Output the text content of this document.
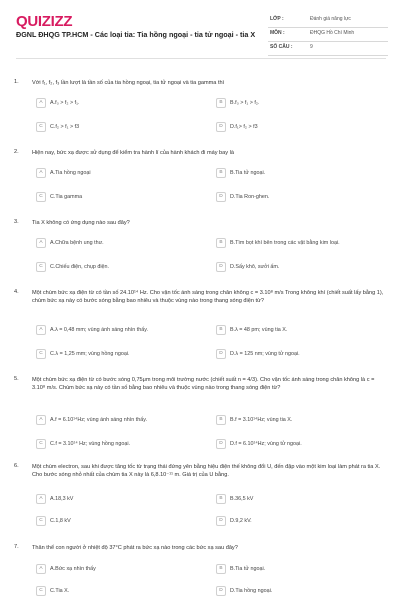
QUIZIZZ
ĐGNL ĐHQG TP.HCM - Các loại tia: Tia hồng ngoại - tia tử ngoại - tia X
LỚP :	Đánh giá năng lực
MÔN :	ĐHQG Hồ Chí Minh
SỐ CÂU :	9
1. Với f₁, f₂, f₃ lần lượt là tần số của tia hồng ngoại, tia tử ngoại và tia gamma thì
A	A.f₃ > f₂ > f₁.	B	B.f₃ > f₁ > f₂.
C	C.f₂ > f₁ > f3	D	D.f₁> f₂ > f3
2. Hiện nay, bức xạ được sử dụng để kiểm tra hành lí của hành khách đi máy bay là
A	A.Tia hồng ngoại	B	B.Tia tử ngoại.
C	C.Tia gamma	D	D.Tia Ron-ghen.
3. Tia X không có ứng dụng nào sau đây?
A	A.Chữa bệnh ung thư.	B	B.Tìm bọt khí bên trong các vật bằng kim loại.
C	C.Chiếu điện, chụp điện.	D	D.Sấy khô, sưởi ấm.
4. Một chùm bức xạ điện từ có tần số 24.10¹⁴ Hz. Cho vận tốc ánh sáng trong chân không c = 3.10⁸ m/s Trong không khí (chiết suất lấy bằng 1), chùm bức xạ này có bước sóng bằng bao nhiêu và thuộc vùng nào trong thang sóng điện từ?
A	A.λ = 0,48 mm; vùng ánh sáng nhìn thấy.	B	B.λ = 48 pm; vùng tia X.
C	C.λ = 1,25 mm; vùng hồng ngoại.	D	D.λ = 125 nm; vùng tử ngoại.
5. Một chùm bức xạ điện từ có bước sóng 0,75μm trong môi trường nước (chiết suất n = 4/3). Cho vận tốc ánh sáng trong chân không là c = 3.10⁸ m/s. Chùm bức xạ này có tần số bằng bao nhiêu và thuộc vùng nào trong thang sóng điện từ?
A	A.f = 6.10¹⁴Hz; vùng ánh sáng nhìn thấy.	B	B.f = 3.10¹⁴Hz; vùng tia X.
C	C.f = 3.10¹⁴ Hz; vùng hồng ngoại.	D	D.f = 6.10¹⁴Hz; vùng tử ngoại.
6. Một chùm electron, sau khi được tăng tốc từ trạng thái đứng yên bằng hiệu điện thế không đổi U, đến đập vào một kim loại làm phát ra tia X. Cho bước sóng nhỏ nhất của chùm tia X này là 6,8.10⁻¹¹ m. Giá trị của U bằng.
A	A.18,3 kV	B	B.36,5 kV
C	C.1,8 kV	D	D.9,2 kV.
7. Thân thể con người ở nhiệt độ 37°C phát ra bức xạ nào trong các bức xạ sau đây?
A	A.Bức xạ nhìn thấy	B	B.Tia tử ngoại.
C	C.Tia X.	D	D.Tia hồng ngoại.
